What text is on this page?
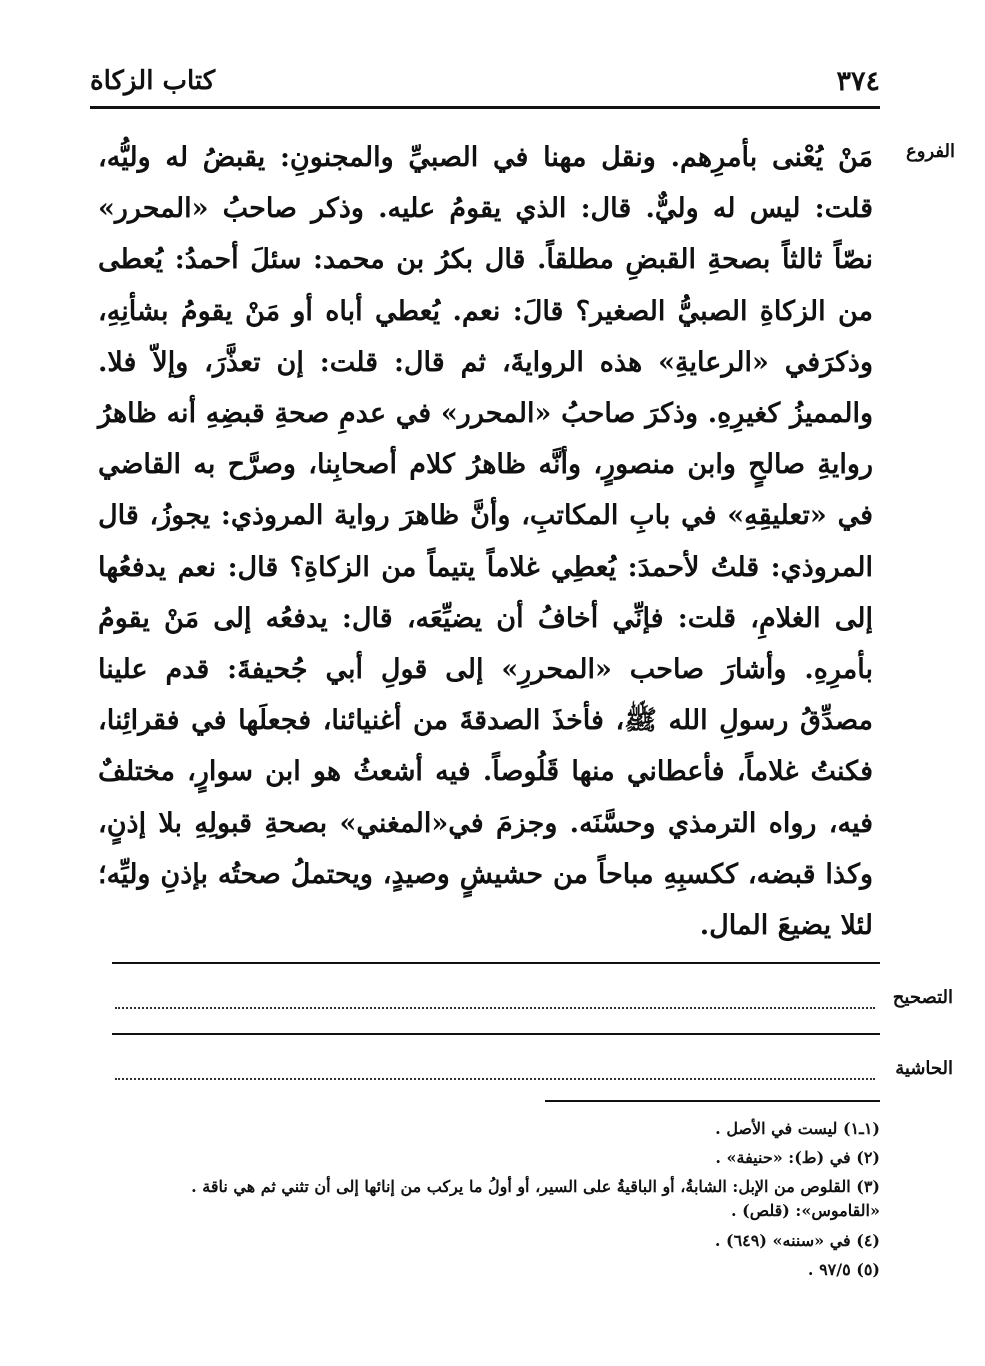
٣٧٤
كتاب الزكاة
الفروع

مَنْ يُعْنى بأمرِهم. ونقل مهنا في الصبيِّ والمجنونِ: يقبضُ له وليُّه، قلت: ليس له وليٌّ. قال: الذي يقومُ عليه. وذكر صاحبُ «المحرر» نصّاً ثالثاً بصحةِ القبضِ مطلقاً. قال بكرُ بن محمد: سئلَ أحمدُ: يُعطى من الزكاةِ الصبيُّ الصغير؟ قالَ: نعم. يُعطي أباه أو مَنْ يقومُ بشأنِهِ، وذكرَفي «الرعايةِ» هذه الروايةَ، ثم قال: قلت: إن تعذَّرَ، وإلاّ فلا. والمميزُ كغيرِهِ. وذكرَ صاحبُ «المحرر» في عدمِ صحةِ قبضِهِ أنه ظاهرُ روايةِ صالحٍ وابن منصورٍ، وأنَّه ظاهرُ كلام أصحابِنا، وصرَّح به القاضي في «تعليقِهِ» في بابِ المكاتبِ، وأنَّ ظاهرَ رواية المروذي: يجوزُ، قال المروذي: قلتُ لأحمدَ: يُعطِي غلاماً يتيماً من الزكاةِ؟ قال: نعم يدفعُها إلى الغلامِ، قلت: فإنِّي أخافُ أن يضيِّعَه، قال: يدفعُه إلى مَنْ يقومُ بأمرِهِ. وأشارَ صاحب «المحررِ» إلى قولِ أبي جُحيفةَ: قدم علينا مصدِّقُ رسولِ الله ﷺ، فأخذَ الصدقةَ من أغنيائنا، فجعلَها في فقرائِنا، فكنتُ غلاماً، فأعطاني منها قَلُوصاً. فيه أشعثُ هو ابن سوارٍ، مختلفٌ فيه، رواه الترمذي وحسَّنَه. وجزمَ في«المغني» بصحةِ قبولِهِ بلا إذنٍ، وكذا قبضه، ككسبِهِ مباحاً من حشيشٍ وصيدٍ، ويحتملُ صحتُه بإذنِ وليِّه؛ لئلا يضيعَ المال.

التصحيح
الحاشية

(١ـ١) ليست في الأصل .

(٢) في (ط): «حنيفة» .

(٣) القلوص من الإبل: الشابةُ، أو الباقيةُ على السير، أو أولُ ما يركب من إنائها إلى أن تثني ثم هي ناقة . «القاموس»: (قلص) .

(٤) في «سننه» (٦٤٩) .

(٥) ٩٧/٥ .
